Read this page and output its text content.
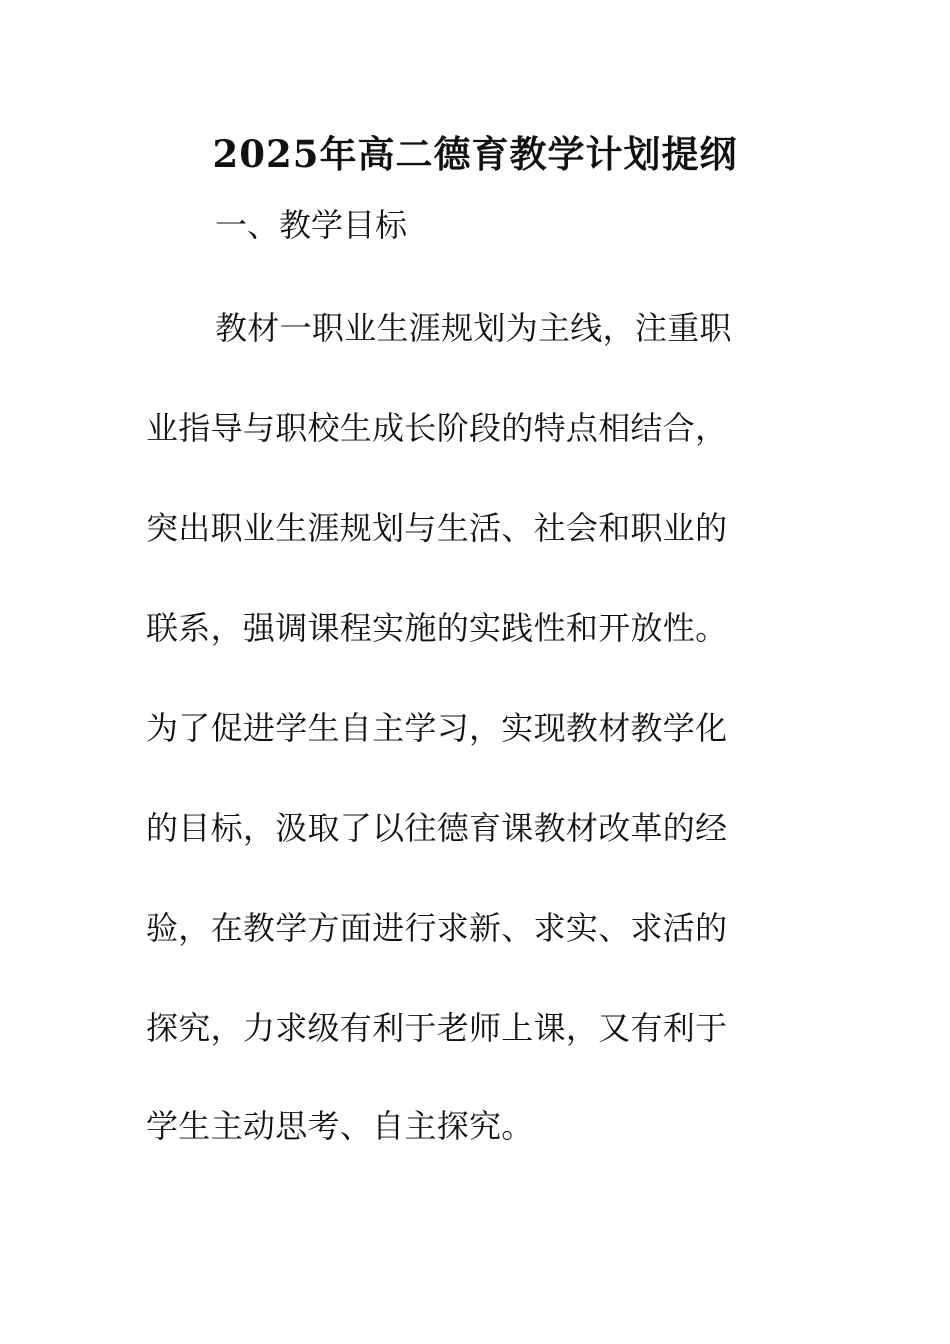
2025年高二德育教学计划提纲
一、教学目标
教材一职业生涯规划为主线，注重职
业指导与职校生成长阶段的特点相结合，
突出职业生涯规划与生活、社会和职业的
联系，强调课程实施的实践性和开放性。
为了促进学生自主学习，实现教材教学化
的目标，汲取了以往德育课教材改革的经
验，在教学方面进行求新、求实、求活的
探究，力求级有利于老师上课，又有利于
学生主动思考、自主探究。
